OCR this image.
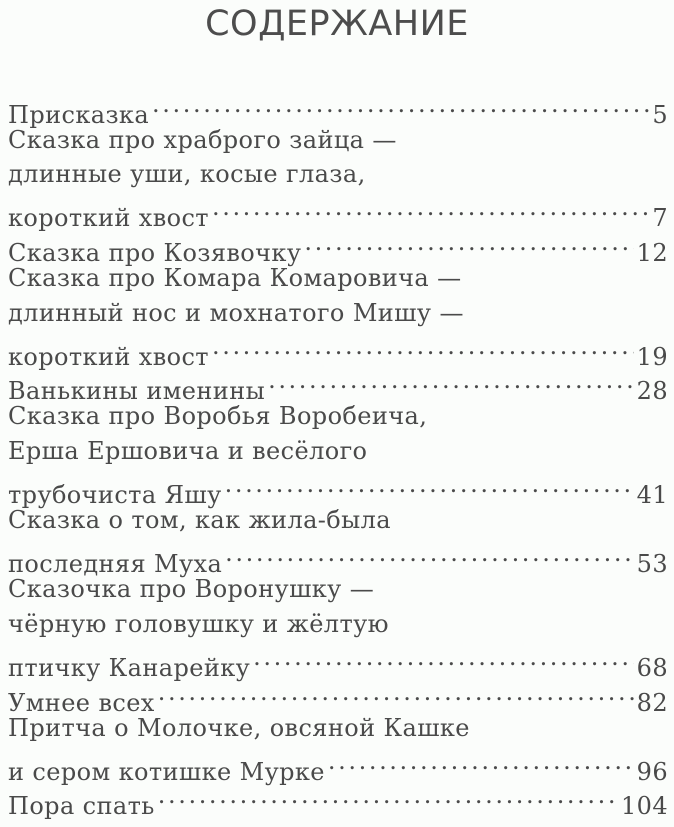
СОДЕРЖАНИЕ
Присказка .....	5
Сказка про храброго зайца —
длинные уши, косые глаза,
короткий хвост .....	7
Сказка про Козявочку .....	12
Сказка про Комара Комаровича —
длинный нос и мохнатого Мишу —
короткий хвост .....	19
Ванькины именины .....	28
Сказка про Воробья Воробеича,
Ерша Ершовича и весёлого
трубочиста Яшу .....	41
Сказка о том, как жила-была
последняя Муха .....	53
Сказочка про Воронушку —
чёрную головушку и жёлтую
птичку Канарейку .....	68
Умнее всех .....	82
Притча о Молочке, овсяной Кашке
и сером котишке Мурке .....	96
Пора спать .....	104
